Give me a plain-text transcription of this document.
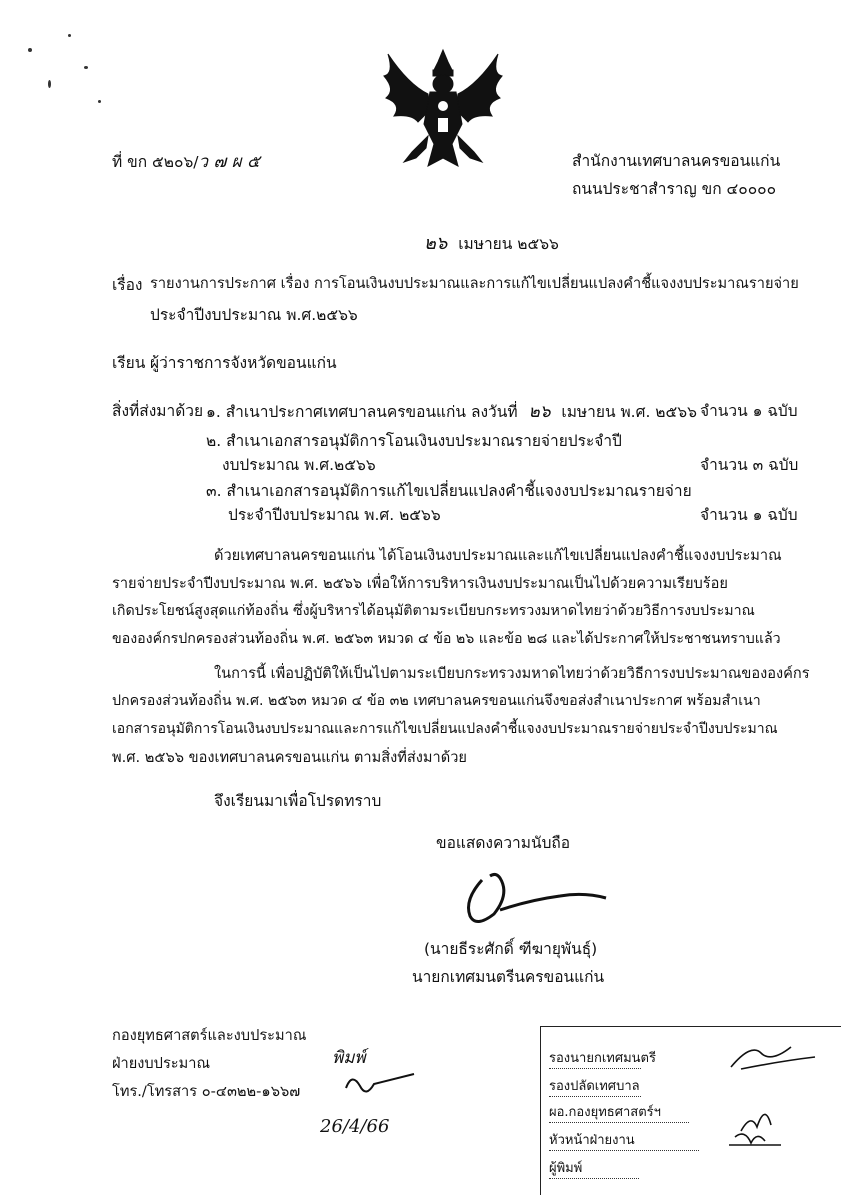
ที่ ขก ๕๒๐๖/ว ๗ ผ ๕	สำนักงานเทศบาลนครขอนแก่น
ถนนประชาสำราญ ขก ๔๐๐๐๐
๒๖ เมษายน ๒๕๖๖
เรื่อง รายงานการประกาศ เรื่อง การโอนเงินงบประมาณและการแก้ไขเปลี่ยนแปลงคำชี้แจงงบประมาณรายจ่าย
ประจำปีงบประมาณ พ.ศ.๒๕๖๖
เรียน ผู้ว่าราชการจังหวัดขอนแก่น
สิ่งที่ส่งมาด้วย ๑. สำเนาประกาศเทศบาลนครขอนแก่น ลงวันที่ ๒๖ เมษายน พ.ศ. ๒๕๖๖ จำนวน ๑ ฉบับ
๒. สำเนาเอกสารอนุมัติการโอนเงินงบประมาณรายจ่ายประจำปี
งบประมาณ พ.ศ.๒๕๖๖	จำนวน ๓ ฉบับ
๓. สำเนาเอกสารอนุมัติการแก้ไขเปลี่ยนแปลงคำชี้แจงงบประมาณรายจ่าย
ประจำปีงบประมาณ พ.ศ. ๒๕๖๖	จำนวน ๑ ฉบับ
ด้วยเทศบาลนครขอนแก่น ได้โอนเงินงบประมาณและแก้ไขเปลี่ยนแปลงคำชี้แจงงบประมาณ
รายจ่ายประจำปีงบประมาณ พ.ศ. ๒๕๖๖ เพื่อให้การบริหารเงินงบประมาณเป็นไปด้วยความเรียบร้อย
เกิดประโยชน์สูงสุดแก่ท้องถิ่น ซึ่งผู้บริหารได้อนุมัติตามระเบียบกระทรวงมหาดไทยว่าด้วยวิธีการงบประมาณ
ขององค์กรปกครองส่วนท้องถิ่น พ.ศ. ๒๕๖๓ หมวด ๔ ข้อ ๒๖ และข้อ ๒๘ และได้ประกาศให้ประชาชนทราบแล้ว
ในการนี้ เพื่อปฏิบัติให้เป็นไปตามระเบียบกระทรวงมหาดไทยว่าด้วยวิธีการงบประมาณขององค์กร
ปกครองส่วนท้องถิ่น พ.ศ. ๒๕๖๓ หมวด ๔ ข้อ ๓๒ เทศบาลนครขอนแก่นจึงขอส่งสำเนาประกาศ พร้อมสำเนา
เอกสารอนุมัติการโอนเงินงบประมาณและการแก้ไขเปลี่ยนแปลงคำชี้แจงงบประมาณรายจ่ายประจำปีงบประมาณ
พ.ศ. ๒๕๖๖ ของเทศบาลนครขอนแก่น ตามสิ่งที่ส่งมาด้วย
จึงเรียนมาเพื่อโปรดทราบ
ขอแสดงความนับถือ
(นายธีระศักดิ์ ฑีฆายุพันธุ์)
นายกเทศมนตรีนครขอนแก่น
กองยุทธศาสตร์และงบประมาณ
ฝ่ายงบประมาณ
โทร./โทรสาร ๐-๔๓๒๒-๑๖๖๗
พิมพ์
26/4/66
รองนายกเทศมนตรี
รองปลัดเทศบาล
ผอ.กองยุทธศาสตร์ฯ
หัวหน้าฝ่ายงาน
ผู้พิมพ์
